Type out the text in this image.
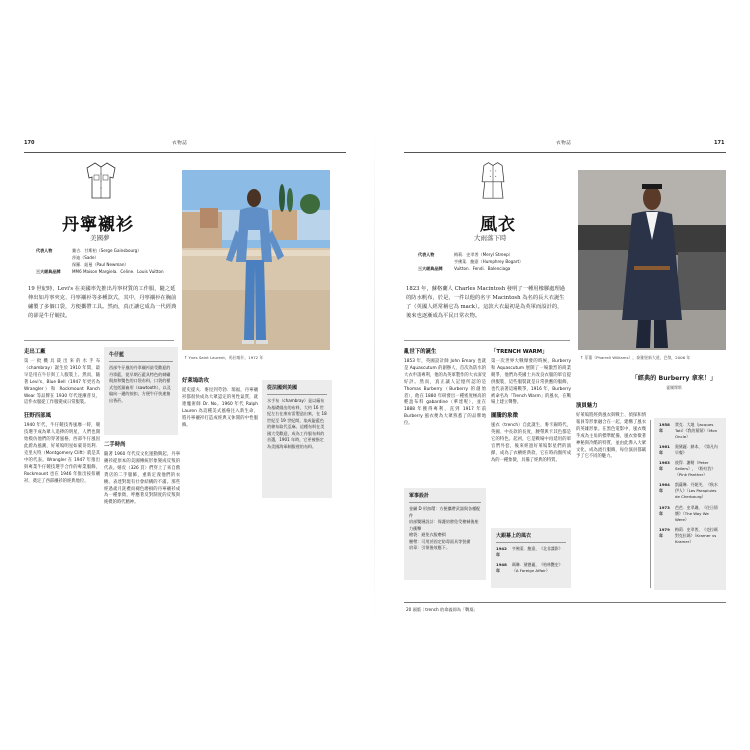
170	衣物誌
丹寧襯衫
美國夢
代表人物	賽吉．甘斯柏（Serge Gainsbourg）
莎迪（Sade）
保羅．紐曼（Paul Newman）
三大經典品牌	MM6 Maison Margiela．Celine．Louis Vuitton
19 世紀時，Levi's 在美國率先推出丹寧材質的工作服，隨之延伸出如丹寧夾克、丹寧襯衫等多種款式，其中，丹寧襯衫在胸前繡製了多個口袋，方便攜帶工具。然而，真正讓它成為一代經典的卻是牛仔競技。
↑ Yves Saint Laurent，馬拉喀什，1972 年
走出工廠
第一批機具裁出來的水手布（chambray）誕生於 1910 年間，最早是用在牛仔與工人服裝上。然而，隨著 Levi's、Blue Bell（1947 年更名為 Wrangler）和 Rockmount Ranch Wear 等品牌在 1930 年代逐漸普及，這件衣服從工作服變成日常服裝。
狂野西部風
1940 年代，牛仔競技秀風靡一時，競技選手成為眾人追捧的明星，人們也開始模仿他們的穿著風格，西部牛仔風因此蔚為風潮，好萊塢明星如蒙哥馬利．克里夫特（Montgomery Clift）就是其中的代表。Wrangler 在 1947 年推出與專業牛仔競技選手合作的專業服飾，Rockmount 也在 1946 年推出按扣襯衫，奠定了西部襯衫的經典地位。
牛仔藍
西部牛仔風的丹寧襯衫最受歡迎的丹寧藍，從早期石藍具特色的刺繡與扣和雙色的口袋布料，口袋的樣式包括鋸齒形（sawtooth），以及偏向一邊的按扣，方便牛仔快速抽出香菸。
二手時尚
隨著 1960 年代反文化運動興起，丹寧襯衫從原本的美國傳統形象變成反叛的代表。嬉皮（326 頁）們穿上了來自舊貨店的二手服飾，重新定義他們的衣櫥。表達對現有社會結構的不滿。那些經過歲月洗禮而褪色磨損的丹寧襯衫成為一種象徵，呼應著反對制度的反叛與純樸的時代精神。
好萊塢助攻
從史提夫．麥昆到勞勃．瑞福，丹寧襯衫都很快成為大眾認定的男性氣質，就連魔術師 Dr. No。1960 年代 Ralph Lauren 為這種美式風格注入新生命，將丹寧襯衫打造成經典又休閒的中性服飾。
從法國到美國
水手布（chambray）是以廠布為基礎做出的布料，大約 16 世紀左右在康布雷製造出來，在 18 世紀至 19 世紀間，染成靛藍色的棉布取代亞麻。這種布料在美國大受歡迎，成為工作服布料的首選，1901 年時，它更被指定為美國海軍制服裡的布料。
衣物誌	171
風衣
大雨落下時
代表人物	梅莉．史翠普（Meryl Streep）
亨佛萊．鮑嘉（Humphrey Bogart）
三大經典品牌	Vuitton．Fendi．Balenciaga
1823 年，蘇格蘭人 Charles Macintosh 發明了一種用橡膠處理過的防水帆布，於是，一件以他的名字 Macintosh 為名的長大衣誕生了（英國人經常稱它為 mack）。這款大衣最初是為英軍而設計的，後來也逐漸成為平民日常衣物。
↑ 菲董（Pharrell Williams），泰雅堡新大道，巴黎，2006 年
「經典的 Burberry 拿來！」
霍爾摩斯
亂世下的誕生
1853 年，英國設計師 John Emary 也就是 Aquascutum 的創辦人，首次為防水的大衣申請專利，他的為英軍製作的大衣深受好評。然而，真正讓人記憶所認的是 Thomas Burberry（Burberry 的創始者），他在 1880 年研發出一種密度極高的輕盈布料 gabardine（華達呢），並在 1888 年獲得專利，直到 1917 年前 Burberry 風衣便為大眾熟悉了的品牌地位。
軍事設計
金屬 D 形扣環：方便攜帶武器與各種配件
肩部雙層設計：保護肩膀免受槍械後座力衝擊
槍袋：避免衣服磨損
腰帶：可用於固定防毒面具等裝備
肩章：引領後效應下。
「TRENCH WARM」
第一次世界大戰爆發的時候，Burberry 和 Aquascutum 展開了一場激烈的商業競爭，他們為英國士兵改良衣服的軍官提供服裝，這些服裝就是日常供應的服飾，也代表著這場戰爭，1916 年，Burberry 被命名為「Trench Warm」的風衣，在戰場上建立聲譽。
圖騰的象徵
風衣（trench）自此誕生，麥卡錫時代，英國、中長款的長度，腰帶與卡其色都是它的特色。起初，它是戰場中再延用的軍官們外套，後來經過好萊塢影星們的演繹，成為了衣櫥經典款，它在時尚圈所成為的一種象徵，具備了經典的特質。
大銀幕上的風衣
1942 年
亨佛萊．鮑嘉，《北非諜影》
1948 年
瑪琳．黛德麗，《柏林艷史》（A Foreign Affair）
演員魅力
好萊塢將經典風衣與戰士、偵探和情報員等形象融合在一起，建構了風衣的英雄形象。在黑色電影中，風衣幾乎成為主角的標準配備，風衣象徵著神秘與冷酷的特質，並由此滲入大眾文化，成為流行服飾，每位演員都賦予了它不同的魅力。
1958 年
賈克．大地（Jacques Tati）《我的舅舅》（Mon Oncle）
1961 年
奧黛麗．赫本，《第凡內早餐》
1963 年
彼得．謝勒（Peter Sellers），《粉紅豹》（Pink Panther）
1964 年
凱薩琳．丹妮芙，《秋水伊人》（Les Parapluies de Cherbourg）
1973 年
芭芭．史翠珊，《往日情懷》（The Way We Were）
1979 年
梅莉．史翠普，《克拉瑪對克拉瑪》（Kramer vs Kramer）
20 頭版｜trench 的命義即為「戰壕」
